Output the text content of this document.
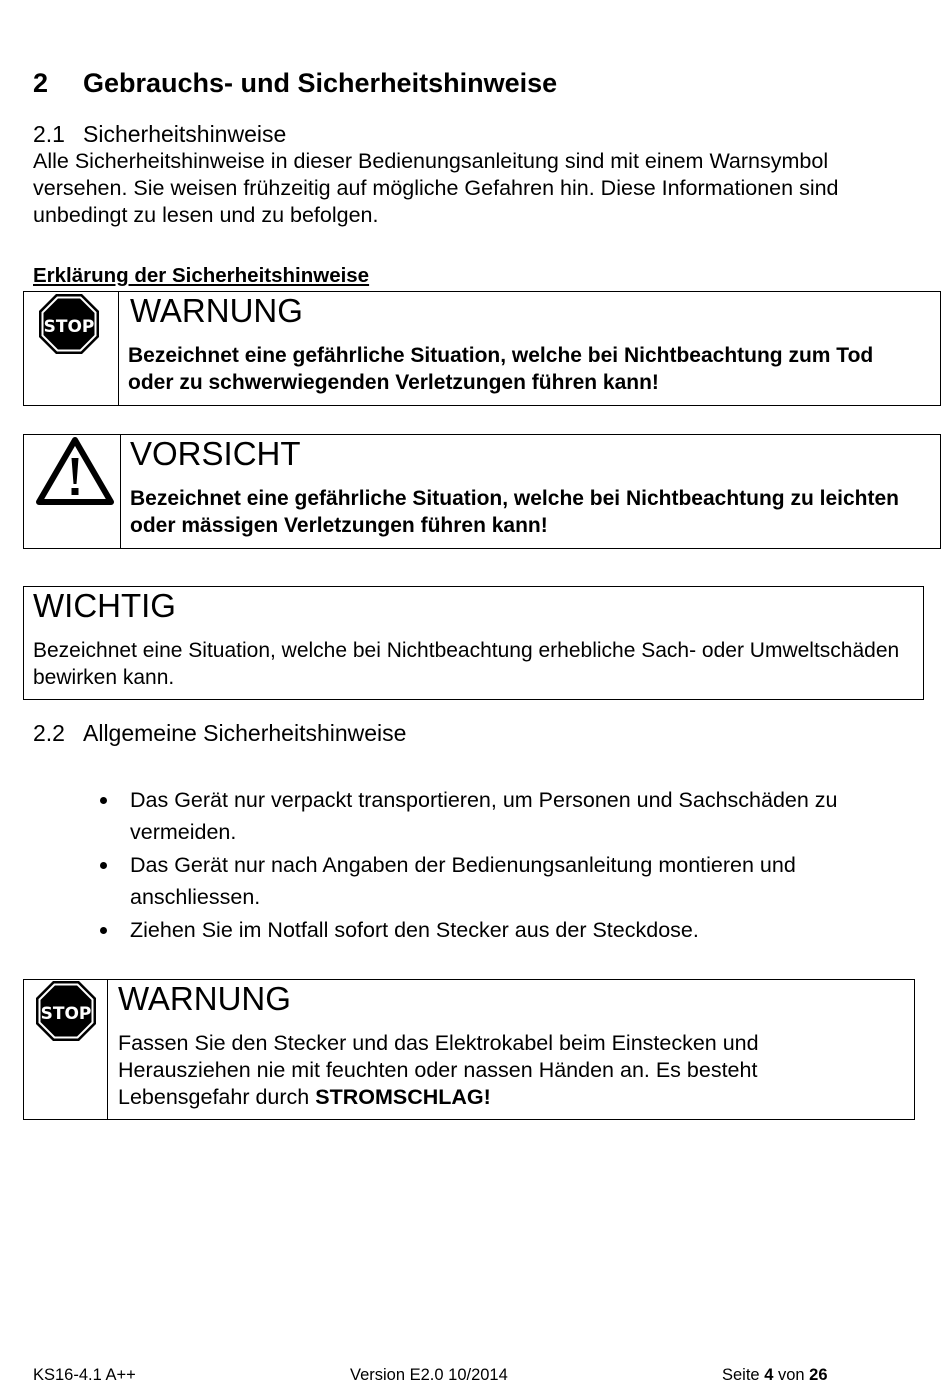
2 Gebrauchs- und Sicherheitshinweise
2.1 Sicherheitshinweise
Alle Sicherheitshinweise in dieser Bedienungsanleitung sind mit einem Warnsymbol versehen. Sie weisen frühzeitig auf mögliche Gefahren hin. Diese Informationen sind unbedingt zu lesen und zu befolgen.
Erklärung der Sicherheitshinweise
STOP WARNUNG
Bezeichnet eine gefährliche Situation, welche bei Nichtbeachtung zum Tod oder zu schwerwiegenden Verletzungen führen kann!
VORSICHT
Bezeichnet eine gefährliche Situation, welche bei Nichtbeachtung zu leichten oder mässigen Verletzungen führen kann!
WICHTIG
Bezeichnet eine Situation, welche bei Nichtbeachtung erhebliche Sach- oder Umweltschäden bewirken kann.
2.2 Allgemeine Sicherheitshinweise
Das Gerät nur verpackt transportieren, um Personen und Sachschäden zu vermeiden.
Das Gerät nur nach Angaben der Bedienungsanleitung montieren und anschliessen.
Ziehen Sie im Notfall sofort den Stecker aus der Steckdose.
STOP WARNUNG
Fassen Sie den Stecker und das Elektrokabel beim Einstecken und Herausziehen nie mit feuchten oder nassen Händen an. Es besteht Lebensgefahr durch STROMSCHLAG!
KS16-4.1 A++	Version E2.0 10/2014	Seite 4 von 26
